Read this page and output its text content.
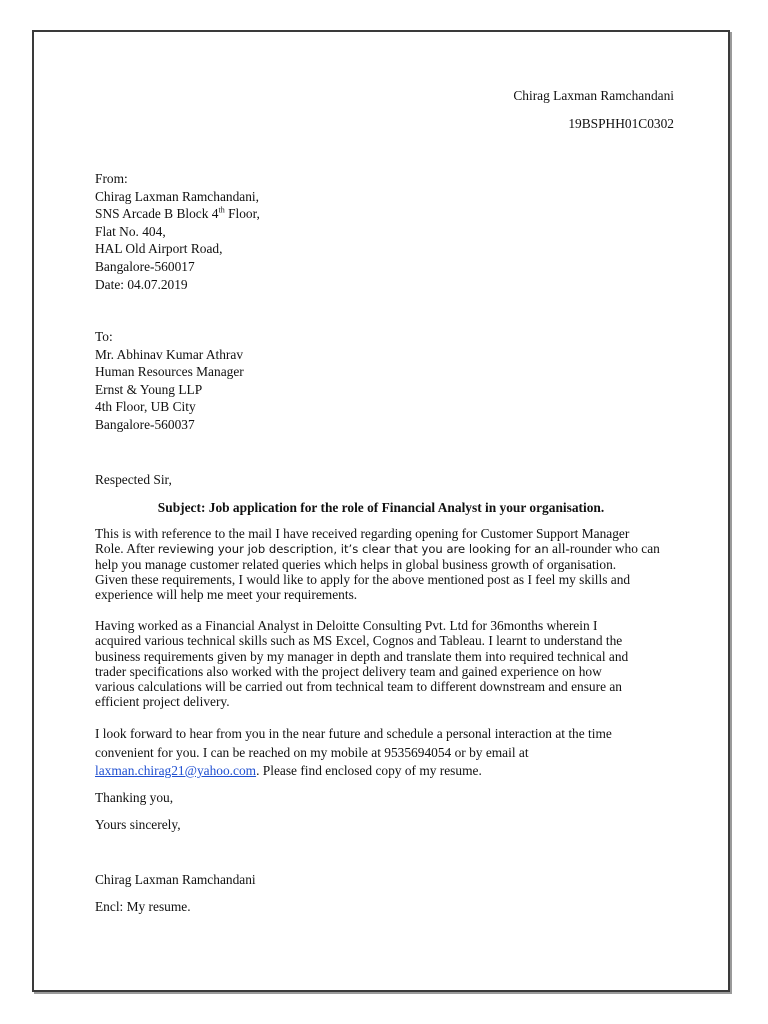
Chirag Laxman Ramchandani
19BSPHH01C0302
From:
Chirag Laxman Ramchandani,
SNS Arcade B Block 4th Floor,
Flat No. 404,
HAL Old Airport Road,
Bangalore-560017
Date: 04.07.2019
To:
Mr. Abhinav Kumar Athrav
Human Resources Manager
Ernst & Young LLP
4th Floor, UB City
Bangalore-560037
Respected Sir,
Subject: Job application for the role of Financial Analyst in your organisation.
This is with reference to the mail I have received regarding opening for Customer Support Manager
Role. After reviewing your job description, it’s clear that you are looking for an all-rounder who can
help you manage customer related queries which helps in global business growth of organisation.
Given these requirements, I would like to apply for the above mentioned post as I feel my skills and
experience will help me meet your requirements.
Having worked as a Financial Analyst in Deloitte Consulting Pvt. Ltd for 36months wherein I
acquired various technical skills such as MS Excel, Cognos and Tableau. I learnt to understand the
business requirements given by my manager in depth and translate them into required technical and
trader specifications also worked with the project delivery team and gained experience on how
various calculations will be carried out from technical team to different downstream and ensure an
efficient project delivery.
I look forward to hear from you in the near future and schedule a personal interaction at the time
convenient for you. I can be reached on my mobile at 9535694054 or by email at
laxman.chirag21@yahoo.com. Please find enclosed copy of my resume.
Thanking you,
Yours sincerely,
Chirag Laxman Ramchandani
Encl: My resume.
